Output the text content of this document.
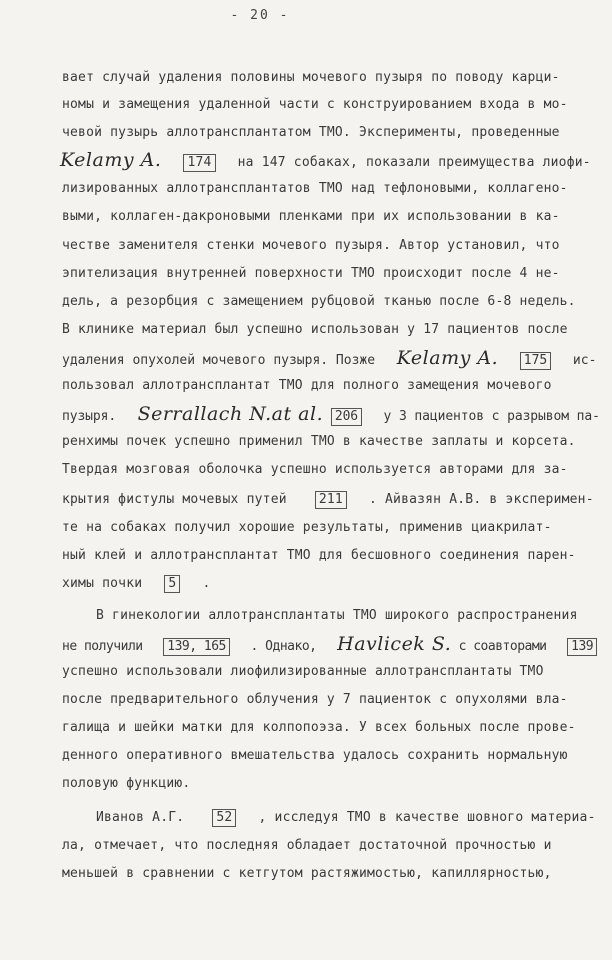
- 20 -
вает случай удаления половины мочевого пузыря по поводу карци-
номы и замещения удаленной части с конструированием входа в мо-
чевой пузырь аллотрансплантатом ТМО. Эксперименты, проведенные
Kelamy A. 174 на 147 собаках, показали преимущества лиофи-
лизированных аллотрансплантатов ТМО над тефлоновыми, коллагено-
выми, коллаген-дакроновыми пленками при их использовании в ка-
честве заменителя стенки мочевого пузыря. Автор установил, что
эпителизация внутренней поверхности ТМО происходит после 4 не-
дель, а резорбция с замещением рубцовой тканью после 6-8 недель.
В клинике материал был успешно использован у 17 пациентов после
удаления опухолей мочевого пузыря. Позже Kelamy A. 175 ис-
пользовал аллотрансплантат ТМО для полного замещения мочевого
пузыря. Serrallach N.at al. 206 у 3 пациентов с разрывом па-
ренхимы почек успешно применил ТМО в качестве заплаты и корсета.
Твердая мозговая оболочка успешно используется авторами для за-
крытия фистулы мочевых путей 211 . Айвазян А.В. в эксперимен-
те на собаках получил хорошие результаты, применив циакрилат-
ный клей и аллотрансплантат ТМО для бесшовного соединения парен-
химы почки 5 .
В гинекологии аллотрансплантаты ТМО широкого распространения
не получили 139, 165 . Однако, Havlicek S. с соавторами 139
успешно использовали лиофилизированные аллотрансплантаты ТМО
после предварительного облучения у 7 пациенток с опухолями вла-
галища и шейки матки для колпопоэза. У всех больных после прове-
денного оперативного вмешательства удалось сохранить нормальную
половую функцию.
Иванов А.Г. 52 , исследуя ТМО в качестве шовного материа-
ла, отмечает, что последняя обладает достаточной прочностью и
меньшей в сравнении с кетгутом растяжимостью, капиллярностью,
